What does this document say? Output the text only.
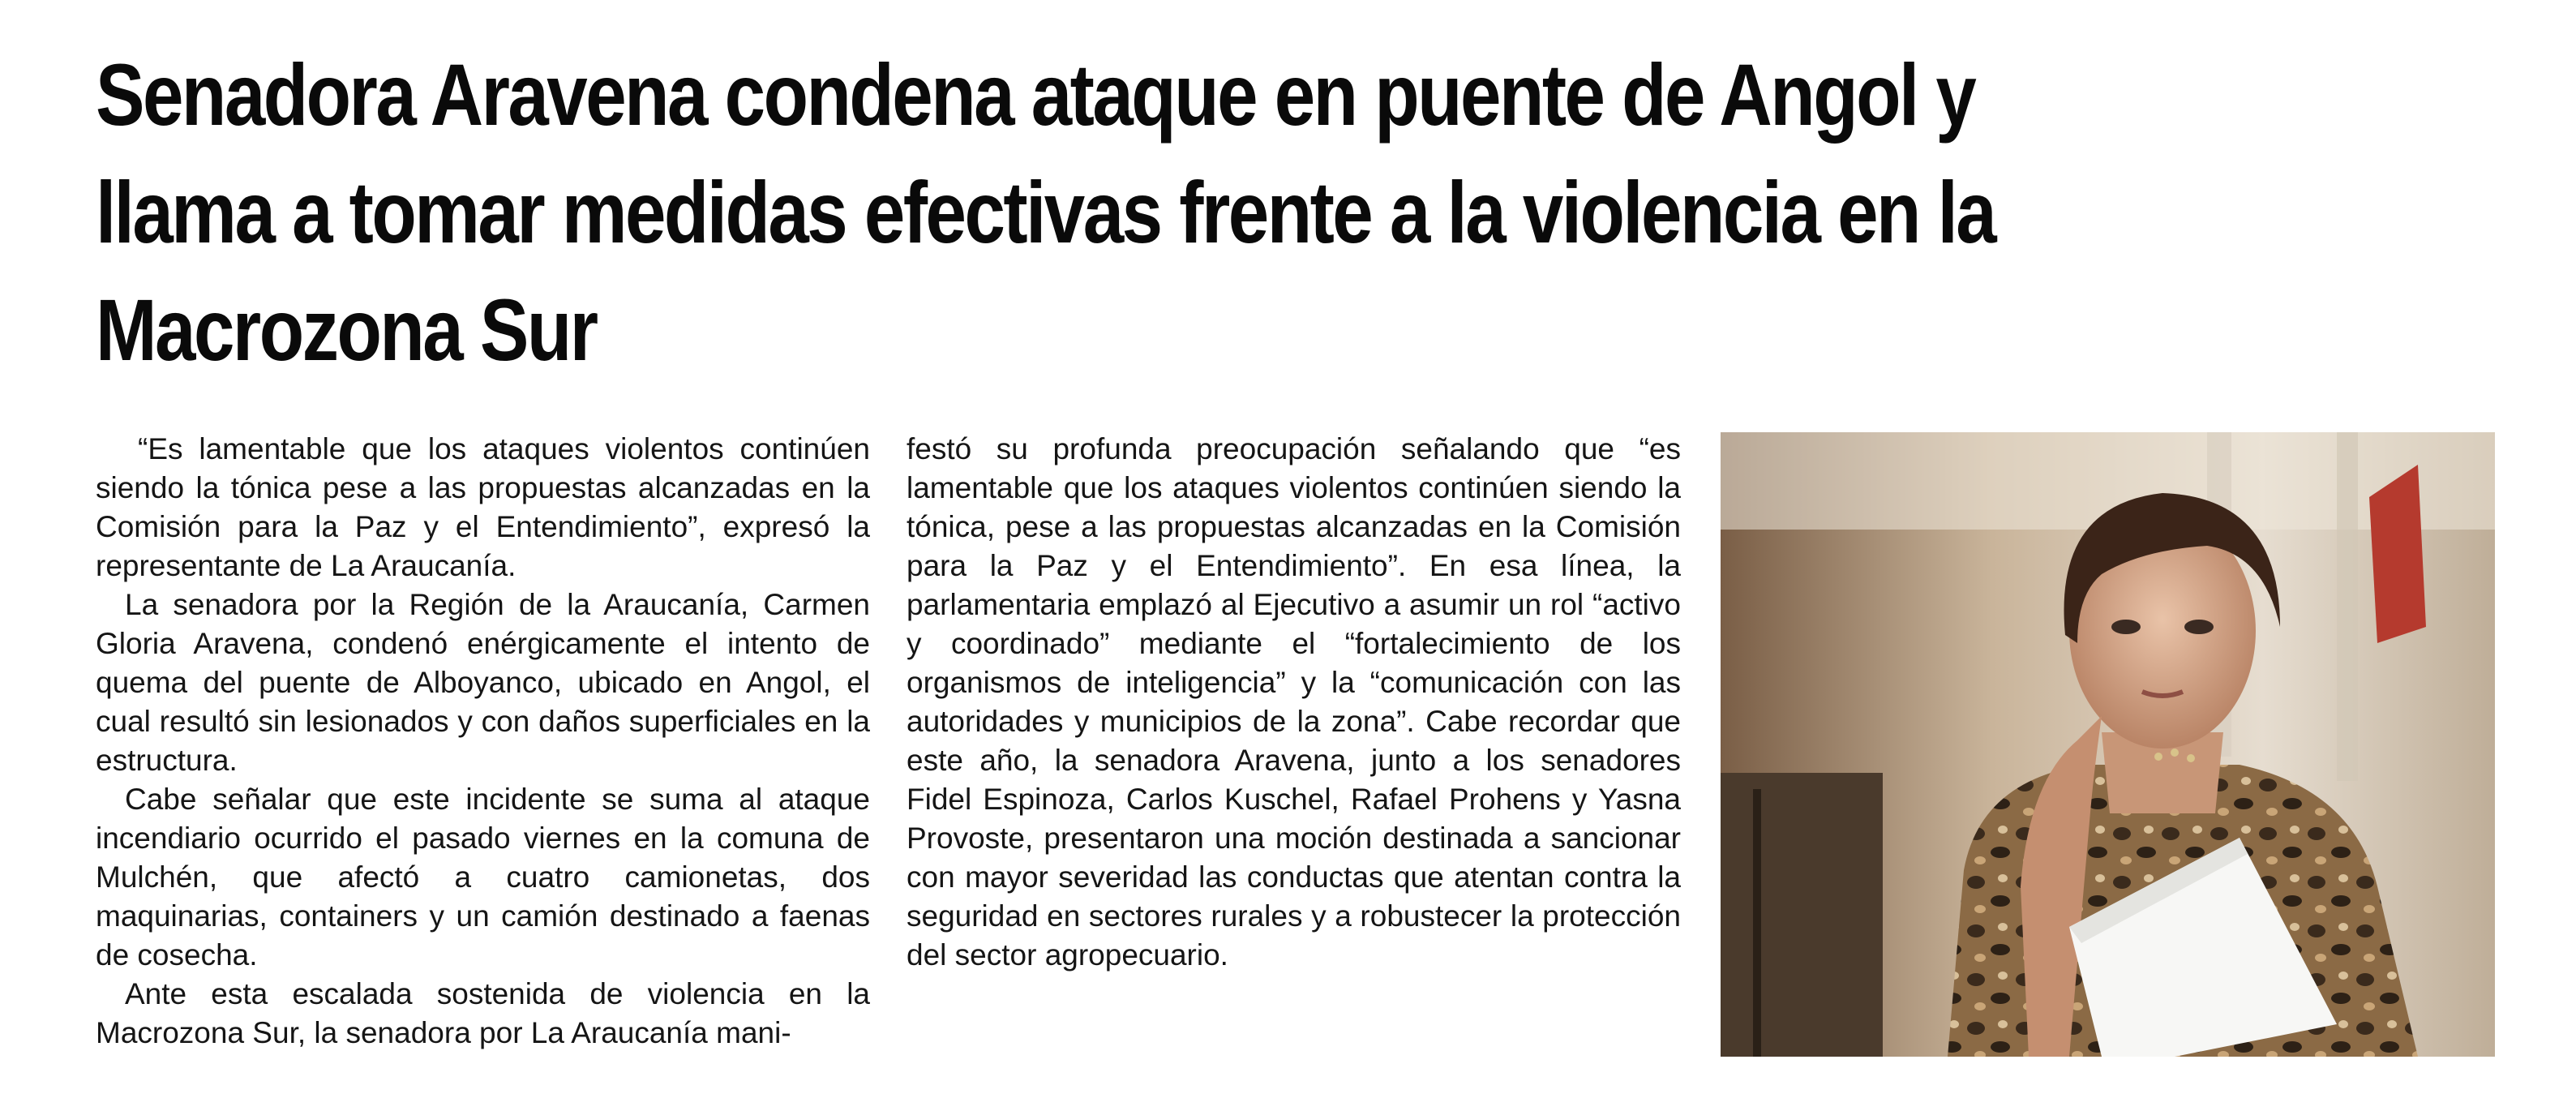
Senadora Aravena condena ataque en puente de Angol y
llama a tomar medidas efectivas frente a la violencia en la
Macrozona Sur

“Es lamentable que los ataques violentos continúen siendo la tónica pese a las propuestas alcanzadas en la Comisión para la Paz y el Entendimiento”, expresó la representante de La Araucanía.

La senadora por la Región de la Araucanía, Carmen Gloria Aravena, condenó enérgicamente el intento de quema del puente de Alboyanco, ubicado en Angol, el cual resultó sin lesionados y con daños superficiales en la estructura.

Cabe señalar que este incidente se suma al ataque incendiario ocurrido el pasado viernes en la comuna de Mulchén, que afectó a cuatro camionetas, dos maquinarias, containers y un camión destinado a faenas de cosecha.

Ante esta escalada sostenida de violencia en la Macrozona Sur, la senadora por La Araucanía mani-

festó su profunda preocupación señalando que “es lamentable que los ataques violentos continúen siendo la tónica, pese a las propuestas alcanzadas en la Comisión para la Paz y el Entendimiento”. En esa línea, la parlamentaria emplazó al Ejecutivo a asumir un rol “activo y coordinado” mediante el “fortalecimiento de los organismos de inteligencia” y la “comunicación con las autoridades y municipios de la zona”. Cabe recordar que este año, la senadora Aravena, junto a los senadores Fidel Espinoza, Carlos Kuschel, Rafael Prohens y Yasna Provoste, presentaron una moción destinada a sancionar con mayor severidad las conductas que atentan contra la seguridad en sectores rurales y a robustecer la protección del sector agropecuario.
